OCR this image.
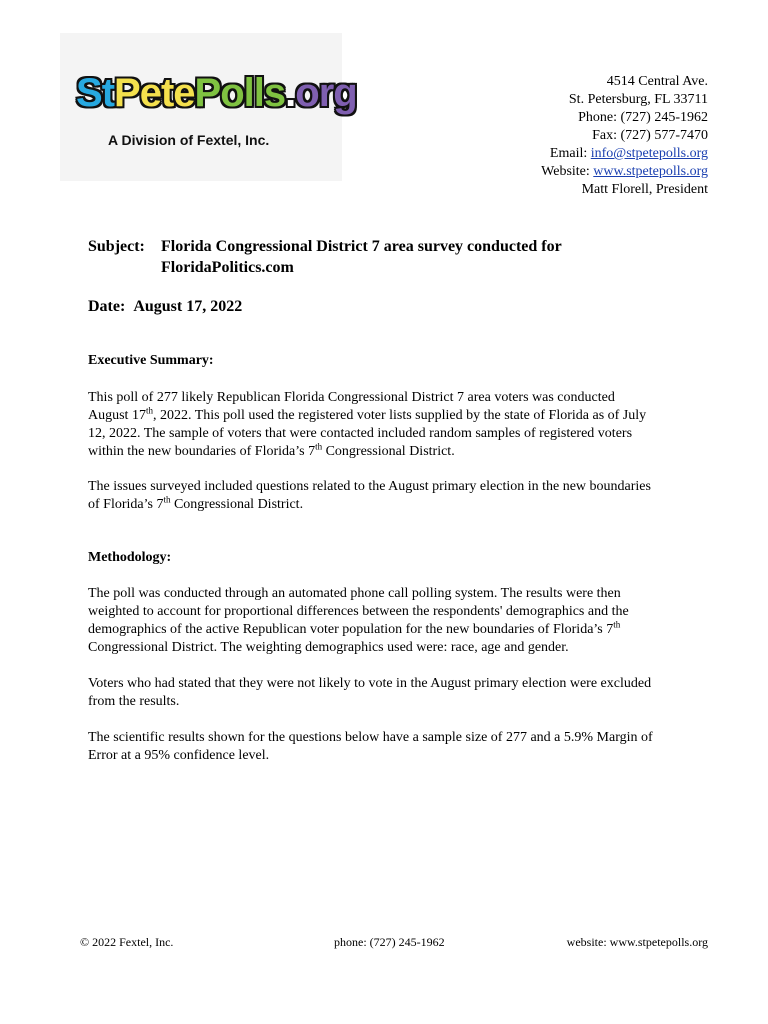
StPetePolls.org
A Division of Fextel, Inc.
4514 Central Ave.
St. Petersburg, FL 33711
Phone: (727) 245-1962
Fax: (727) 577-7470
Email: info@stpetepolls.org
Website: www.stpetepolls.org
Matt Florell, President
Subject:	Florida Congressional District 7 area survey conducted for
FloridaPolitics.com
Date: August 17, 2022
Executive Summary:
This poll of 277 likely Republican Florida Congressional District 7 area voters was conducted
August 17th, 2022. This poll used the registered voter lists supplied by the state of Florida as of July
12, 2022. The sample of voters that were contacted included random samples of registered voters
within the new boundaries of Florida’s 7th Congressional District.
The issues surveyed included questions related to the August primary election in the new boundaries
of Florida’s 7th Congressional District.
Methodology:
The poll was conducted through an automated phone call polling system. The results were then
weighted to account for proportional differences between the respondents' demographics and the
demographics of the active Republican voter population for the new boundaries of Florida’s 7th
Congressional District. The weighting demographics used were: race, age and gender.
Voters who had stated that they were not likely to vote in the August primary election were excluded
from the results.
The scientific results shown for the questions below have a sample size of 277 and a 5.9% Margin of
Error at a 95% confidence level.
© 2022 Fextel, Inc.	phone: (727) 245-1962	website: www.stpetepolls.org
